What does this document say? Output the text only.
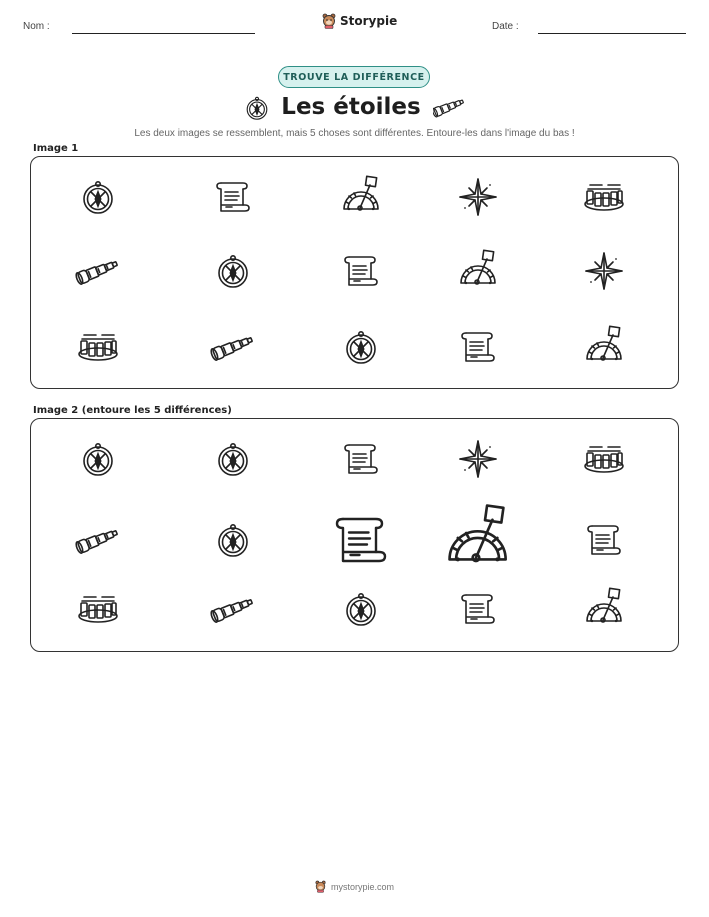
Nom :	Storypie	Date :
TROUVE LA DIFFÉRENCE
Les étoiles
Les deux images se ressemblent, mais 5 choses sont différentes. Entoure-les dans l'image du bas !
Image 1
Image 2 (entoure les 5 différences)
mystorypie.com
